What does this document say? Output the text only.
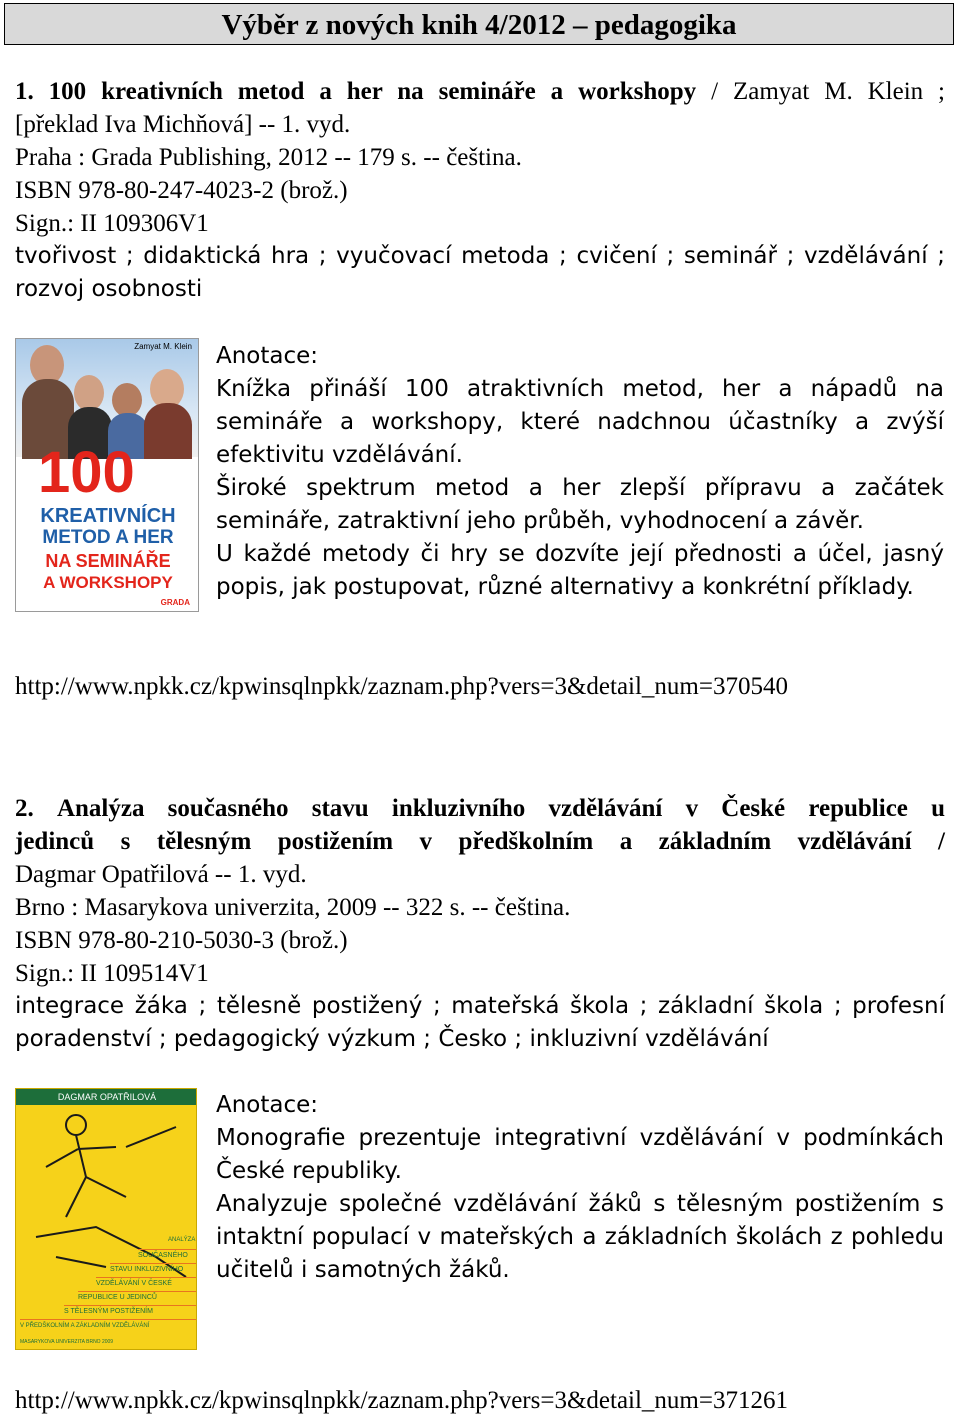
Výběr z nových knih 4/2012 – pedagogika
1. 100 kreativních metod a her na semináře a workshopy / Zamyat M. Klein ;
[překlad Iva Michňová] -- 1. vyd.
Praha : Grada Publishing, 2012 -- 179 s. -- čeština.
ISBN 978-80-247-4023-2 (brož.)
Sign.: II 109306V1
tvořivost ; didaktická hra ; vyučovací metoda ; cvičení ; seminář ; vzdělávání ;
rozvoj osobnosti
Zamyat M. Klein
100
KREATIVNÍCH
METOD A HER
NA SEMINÁŘE
A WORKSHOPY
GRADA
Anotace:
Knížka přináší 100 atraktivních metod, her a nápadů na semináře a workshopy, které nadchnou účastníky a zvýší efektivitu vzdělávání.
Široké spektrum metod a her zlepší přípravu a začátek semináře, zatraktivní jeho průběh, vyhodnocení a závěr.
U každé metody či hry se dozvíte její přednosti a účel, jasný popis, jak postupovat, různé alternativy a konkrétní příklady.
http://www.npkk.cz/kpwinsqlnpkk/zaznam.php?vers=3&detail_num=370540
2. Analýza současného stavu inkluzivního vzdělávání v České republice u
jedinců s tělesným postižením v předškolním a základním vzdělávání /
Dagmar Opatřilová -- 1. vyd.
Brno : Masarykova univerzita, 2009 -- 322 s. -- čeština.
ISBN 978-80-210-5030-3 (brož.)
Sign.: II 109514V1
integrace žáka ; tělesně postižený ; mateřská škola ; základní škola ; profesní
poradenství ; pedagogický výzkum ; Česko ; inkluzivní vzdělávání
DAGMAR OPATŘILOVÁ
ANALÝZA
SOUČASNÉHO
STAVU INKLUZIVNÍHO
VZDĚLÁVÁNÍ V ČESKÉ
REPUBLICE U JEDINCŮ
S TĚLESNÝM POSTIŽENÍM
V PŘEDŠKOLNÍM A ZÁKLADNÍM VZDĚLÁVÁNÍ
MASARYKOVA UNIVERZITA BRNO 2009
Anotace:
Monografie prezentuje integrativní vzdělávání v podmínkách České republiky.
Analyzuje společné vzdělávání žáků s tělesným postižením s intaktní populací v mateřských a základních školách z pohledu učitelů i samotných žáků.
http://www.npkk.cz/kpwinsqlnpkk/zaznam.php?vers=3&detail_num=371261
